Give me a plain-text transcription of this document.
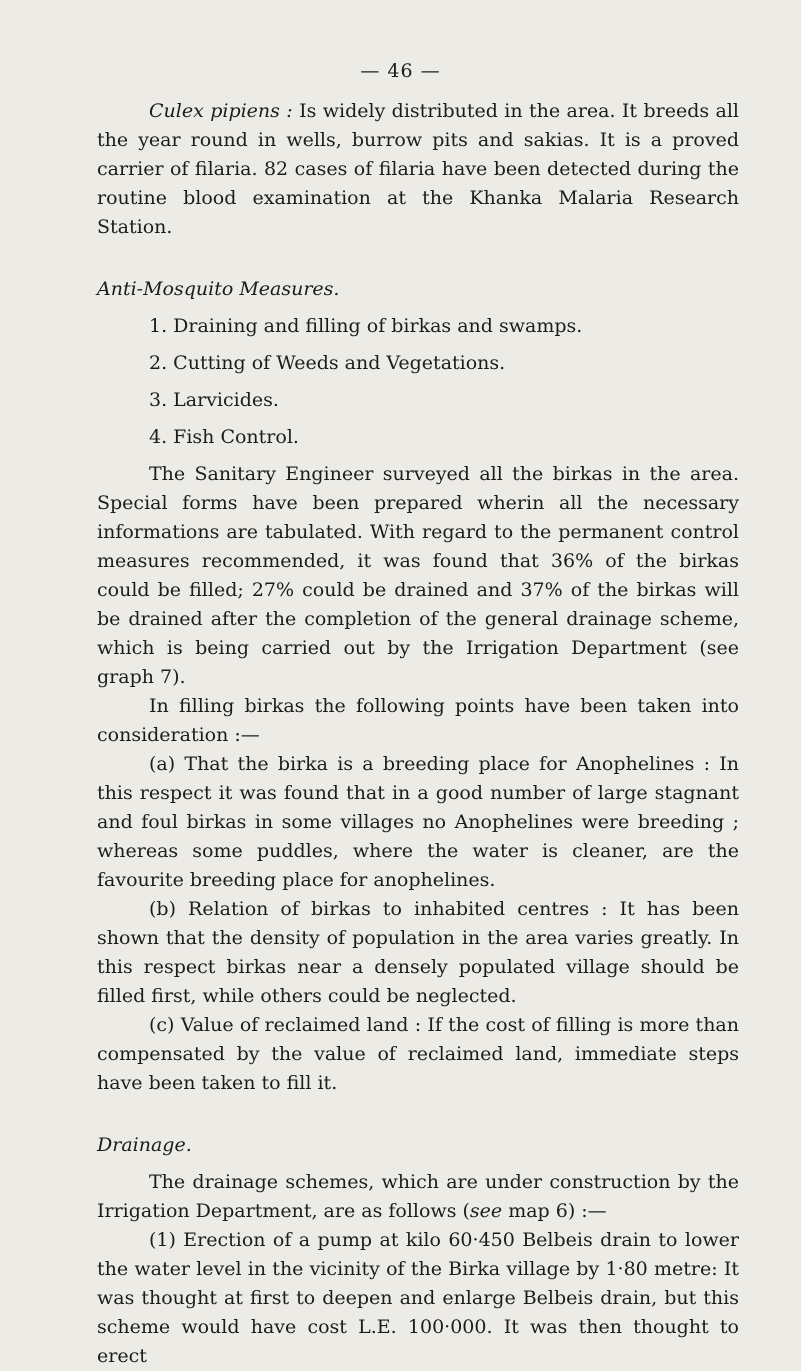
— 46 —

Culex pipiens : Is widely distributed in the area. It breeds all the year round in wells, burrow pits and sakias. It is a proved carrier of filaria. 82 cases of filaria have been detected during the routine blood examination at the Khanka Malaria Research Station.

Anti-Mosquito Measures.

1. Draining and filling of birkas and swamps.
2. Cutting of Weeds and Vegetations.
3. Larvicides.
4. Fish Control.

The Sanitary Engineer surveyed all the birkas in the area. Special forms have been prepared wherin all the necessary informations are tabulated. With regard to the permanent control measures recommended, it was found that 36% of the birkas could be filled; 27% could be drained and 37% of the birkas will be drained after the completion of the general drainage scheme, which is being carried out by the Irrigation Department (see graph 7).

In filling birkas the following points have been taken into consideration :—

(a) That the birka is a breeding place for Anophelines : In this respect it was found that in a good number of large stagnant and foul birkas in some villages no Anophelines were breeding ; whereas some puddles, where the water is cleaner, are the favourite breeding place for anophelines.

(b) Relation of birkas to inhabited centres : It has been shown that the density of population in the area varies greatly. In this respect birkas near a densely populated village should be filled first, while others could be neglected.

(c) Value of reclaimed land : If the cost of filling is more than compensated by the value of reclaimed land, immediate steps have been taken to fill it.

Drainage.

The drainage schemes, which are under construction by the Irrigation Department, are as follows (see map 6) :—

(1) Erection of a pump at kilo 60·450 Belbeis drain to lower the water level in the vicinity of the Birka village by 1·80 metre: It was thought at first to deepen and enlarge Belbeis drain, but this scheme would have cost L.E. 100·000. It was then thought to erect
